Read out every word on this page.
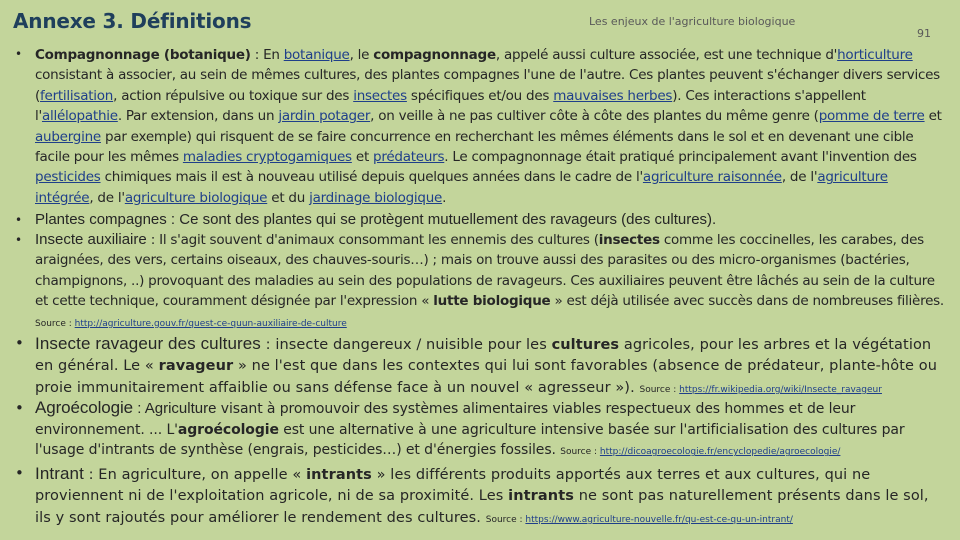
Annexe 3. Définitions	Les enjeux de l'agriculture biologique
91
• Compagnonnage (botanique) : En botanique, le compagnonnage, appelé aussi culture associée, est une technique d'horticulture consistant à associer, au sein de mêmes cultures, des plantes compagnes l'une de l'autre. Ces plantes peuvent s'échanger divers services (fertilisation, action répulsive ou toxique sur des insectes spécifiques et/ou des mauvaises herbes). Ces interactions s'appellent l'allélopathie. Par extension, dans un jardin potager, on veille à ne pas cultiver côte à côte des plantes du même genre (pomme de terre et aubergine par exemple) qui risquent de se faire concurrence en recherchant les mêmes éléments dans le sol et en devenant une cible facile pour les mêmes maladies cryptogamiques et prédateurs. Le compagnonnage était pratiqué principalement avant l'invention des pesticides chimiques mais il est à nouveau utilisé depuis quelques années dans le cadre de l'agriculture raisonnée, de l'agriculture intégrée, de l'agriculture biologique et du jardinage biologique.
• Plantes compagnes : Ce sont des plantes qui se protègent mutuellement des ravageurs (des cultures).
• Insecte auxiliaire : Il s'agit souvent d'animaux consommant les ennemis des cultures (insectes comme les coccinelles, les carabes, des araignées, des vers, certains oiseaux, des chauves-souris…) ; mais on trouve aussi des parasites ou des micro-organismes (bactéries, champignons, ..) provoquant des maladies au sein des populations de ravageurs. Ces auxiliaires peuvent être lâchés au sein de la culture et cette technique, couramment désignée par l'expression « lutte biologique » est déjà utilisée avec succès dans de nombreuses filières. Source : http://agriculture.gouv.fr/quest-ce-quun-auxiliaire-de-culture
• Insecte ravageur des cultures : insecte dangereux / nuisible pour les cultures agricoles, pour les arbres et la végétation en général. Le « ravageur » ne l'est que dans les contextes qui lui sont favorables (absence de prédateur, plante-hôte ou proie immunitairement affaiblie ou sans défense face à un nouvel « agresseur »). Source : https://fr.wikipedia.org/wiki/Insecte_ravageur
• Agroécologie : Agriculture visant à promouvoir des systèmes alimentaires viables respectueux des hommes et de leur environnement. ... L'agroécologie est une alternative à une agriculture intensive basée sur l'artificialisation des cultures par l'usage d'intrants de synthèse (engrais, pesticides…) et d'énergies fossiles. Source : http://dicoagroecologie.fr/encyclopedie/agroecologie/
• Intrant : En agriculture, on appelle « intrants » les différents produits apportés aux terres et aux cultures, qui ne proviennent ni de l'exploitation agricole, ni de sa proximité. Les intrants ne sont pas naturellement présents dans le sol, ils y sont rajoutés pour améliorer le rendement des cultures. Source : https://www.agriculture-nouvelle.fr/qu-est-ce-qu-un-intrant/
